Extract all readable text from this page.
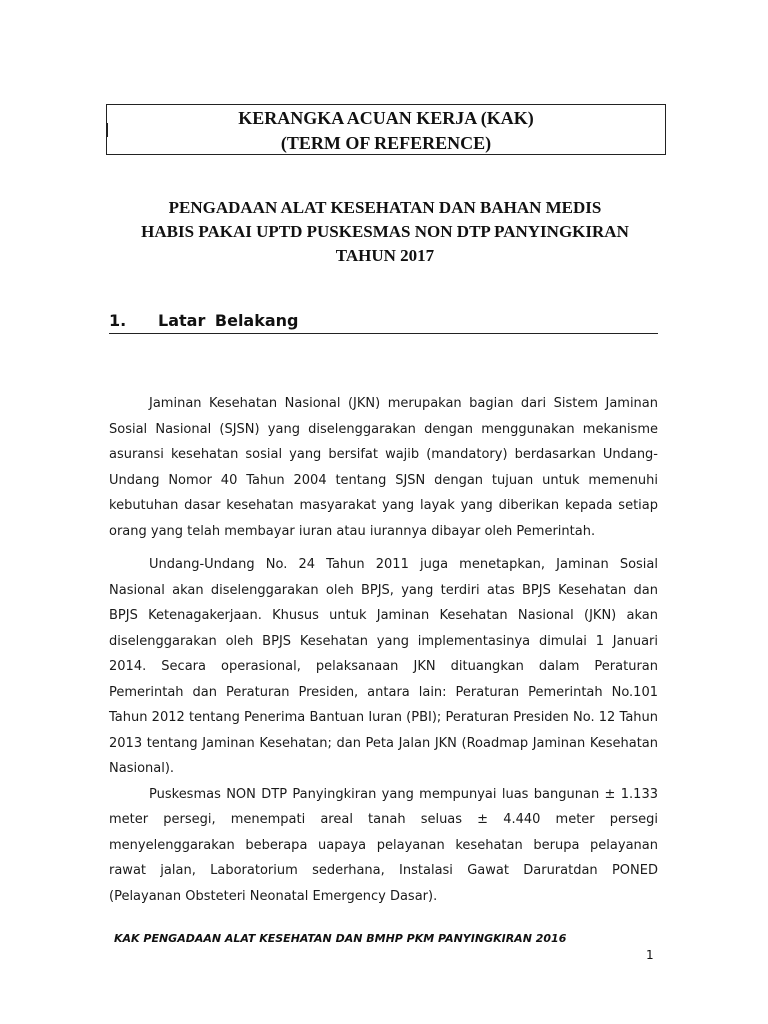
KERANGKA ACUAN KERJA (KAK)
(TERM OF REFERENCE)
PENGADAAN ALAT KESEHATAN DAN BAHAN MEDIS
HABIS PAKAI UPTD PUSKESMAS NON DTP PANYINGKIRAN
TAHUN 2017
1. Latar Belakang

Jaminan Kesehatan Nasional (JKN) merupakan bagian dari Sistem Jaminan Sosial Nasional (SJSN) yang diselenggarakan dengan menggunakan mekanisme asuransi kesehatan sosial yang bersifat wajib (mandatory) berdasarkan Undang-Undang Nomor 40 Tahun 2004 tentang SJSN dengan tujuan untuk memenuhi kebutuhan dasar kesehatan masyarakat yang layak yang diberikan kepada setiap orang yang telah membayar iuran atau iurannya dibayar oleh Pemerintah.

Undang-Undang No. 24 Tahun 2011 juga menetapkan, Jaminan Sosial Nasional akan diselenggarakan oleh BPJS, yang terdiri atas BPJS Kesehatan dan BPJS Ketenagakerjaan. Khusus untuk Jaminan Kesehatan Nasional (JKN) akan diselenggarakan oleh BPJS Kesehatan yang implementasinya dimulai 1 Januari 2014. Secara operasional, pelaksanaan JKN dituangkan dalam Peraturan Pemerintah dan Peraturan Presiden, antara lain: Peraturan Pemerintah No.101 Tahun 2012 tentang Penerima Bantuan Iuran (PBI); Peraturan Presiden No. 12 Tahun 2013 tentang Jaminan Kesehatan; dan Peta Jalan JKN (Roadmap Jaminan Kesehatan Nasional).

Puskesmas NON DTP Panyingkiran yang mempunyai luas bangunan ± 1.133 meter persegi, menempati areal tanah seluas ± 4.440 meter persegi menyelenggarakan beberapa uapaya pelayanan kesehatan berupa pelayanan rawat jalan, Laboratorium sederhana, Instalasi Gawat Daruratdan PONED (Pelayanan Obsteteri Neonatal Emergency Dasar).

KAK PENGADAAN ALAT KESEHATAN DAN BMHP PKM PANYINGKIRAN 2016
1
